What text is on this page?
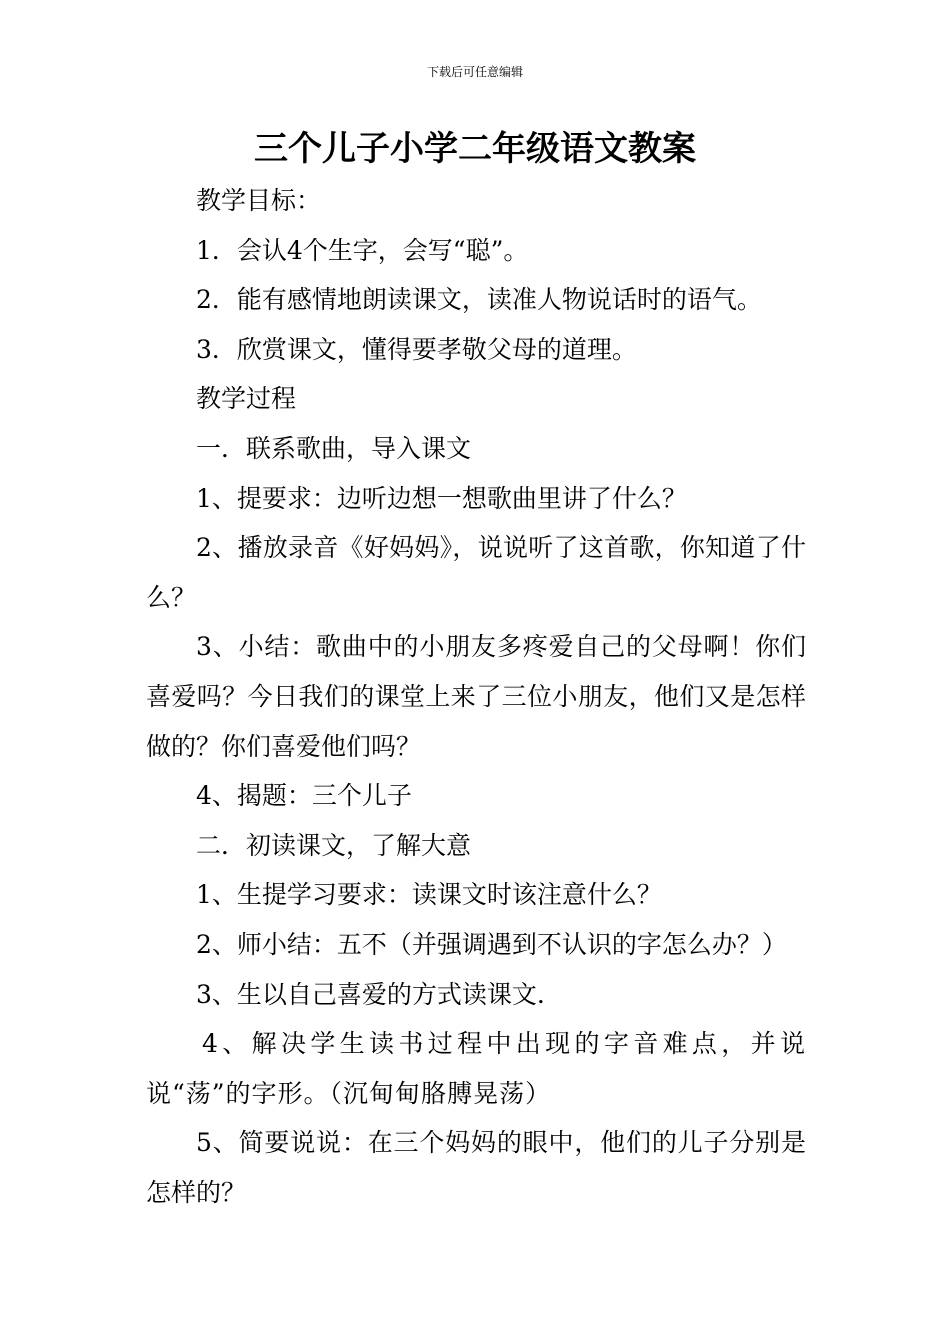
下载后可任意编辑
三个儿子小学二年级语文教案

教学目标：

1．会认4个生字，会写“聪”。

2．能有感情地朗读课文，读准人物说话时的语气。

3．欣赏课文，懂得要孝敬父母的道理。

教学过程

一．联系歌曲，导入课文

1、提要求：边听边想一想歌曲里讲了什么？

2、播放录音《好妈妈》，说说听了这首歌，你知道了什么？

3、小结：歌曲中的小朋友多疼爱自己的父母啊！你们喜爱吗？今日我们的课堂上来了三位小朋友，他们又是怎样做的？你们喜爱他们吗？

4、揭题：三个儿子

二．初读课文，了解大意

1、生提学习要求：读课文时该注意什么？

2、师小结：五不（并强调遇到不认识的字怎么办？）

3、生以自己喜爱的方式读课文.

4、解决学生读书过程中出现的字音难点，并说说“荡”的字形。（沉甸甸胳膊晃荡）

5、简要说说：在三个妈妈的眼中，他们的儿子分别是怎样的？
